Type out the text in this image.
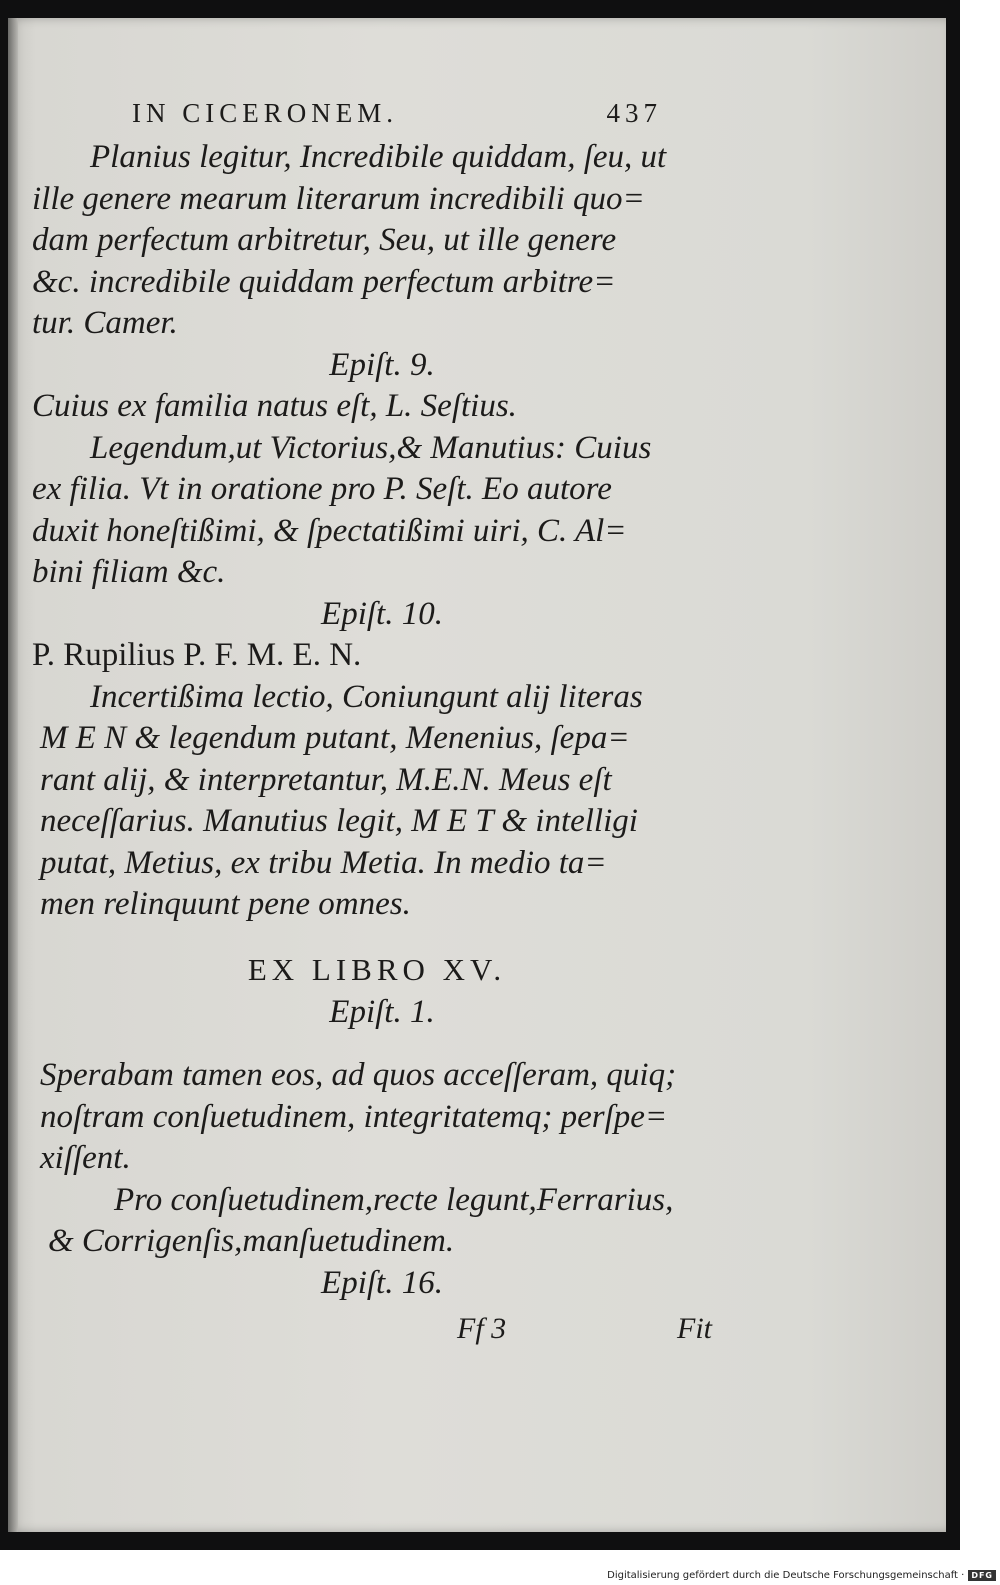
IN CICERONEM.	437
Planius legitur, Incredibile quiddam, ſeu, ut
ille genere mearum literarum incredibili quo=
dam perfectum arbitretur, Seu, ut ille genere
&c. incredibile quiddam perfectum arbitre=
tur. Camer.
Epiſt. 9.
Cuius ex familia natus eſt, L. Seſtius.
Legendum,ut Victorius,& Manutius: Cuius
ex filia. Vt in oratione pro P. Seſt. Eo autore
duxit honeſtißimi, & ſpectatißimi uiri, C. Al=
bini filiam &c.
Epiſt. 10.
P. Rupilius P. F. M. E. N.
Incertißima lectio, Coniungunt alij literas
M E N & legendum putant, Menenius, ſepa=
rant alij, & interpretantur, M.E.N. Meus eſt
neceſſarius. Manutius legit, M E T & intelligi
putat, Metius, ex tribu Metia. In medio ta=
men relinquunt pene omnes.
EX LIBRO XV.
Epiſt. 1.
Sperabam tamen eos, ad quos acceſſeram, quiq;
noſtram conſuetudinem, integritatemq; perſpe=
xiſſent.
Pro conſuetudinem,recte legunt,Ferrarius,
& Corrigenſis,manſuetudinem.
Epiſt. 16.
Ff 3	Fit
Digitalisierung gefördert durch die Deutsche Forschungsgemeinschaft · DFG
